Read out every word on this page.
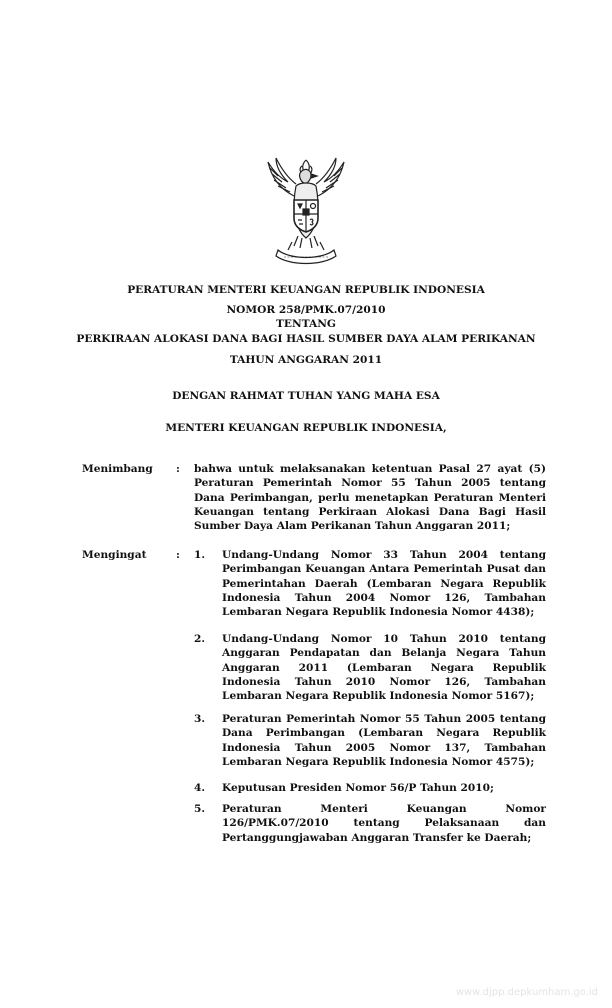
PERATURAN MENTERI KEUANGAN REPUBLIK INDONESIA

NOMOR 258/PMK.07/2010

TENTANG

PERKIRAAN ALOKASI DANA BAGI HASIL SUMBER DAYA ALAM PERIKANAN

TAHUN ANGGARAN 2011

DENGAN RAHMAT TUHAN YANG MAHA ESA

MENTERI KEUANGAN REPUBLIK INDONESIA,

Menimbang : bahwa untuk melaksanakan ketentuan Pasal 27 ayat (5) Peraturan Pemerintah Nomor 55 Tahun 2005 tentang Dana Perimbangan, perlu menetapkan Peraturan Menteri Keuangan tentang Perkiraan Alokasi Dana Bagi Hasil Sumber Daya Alam Perikanan Tahun Anggaran 2011;

Mengingat	: 1. Undang-Undang Nomor 33 Tahun 2004 tentang Perimbangan Keuangan Antara Pemerintah Pusat dan Pemerintahan Daerah (Lembaran Negara Republik Indonesia Tahun 2004 Nomor 126, Tambahan Lembaran Negara Republik Indonesia Nomor 4438);

2. Undang-Undang Nomor 10 Tahun 2010 tentang Anggaran Pendapatan dan Belanja Negara Tahun Anggaran 2011 (Lembaran Negara Republik Indonesia Tahun 2010 Nomor 126, Tambahan Lembaran Negara Republik Indonesia Nomor 5167);

3. Peraturan Pemerintah Nomor 55 Tahun 2005 tentang Dana Perimbangan (Lembaran Negara Republik Indonesia Tahun 2005 Nomor 137, Tambahan Lembaran Negara Republik Indonesia Nomor 4575);

4. Keputusan Presiden Nomor 56/P Tahun 2010;

5. Peraturan Menteri Keuangan Nomor 126/PMK.07/2010 tentang Pelaksanaan dan Pertanggungjawaban Anggaran Transfer ke Daerah;

www.djpp.depkumham.go.id
